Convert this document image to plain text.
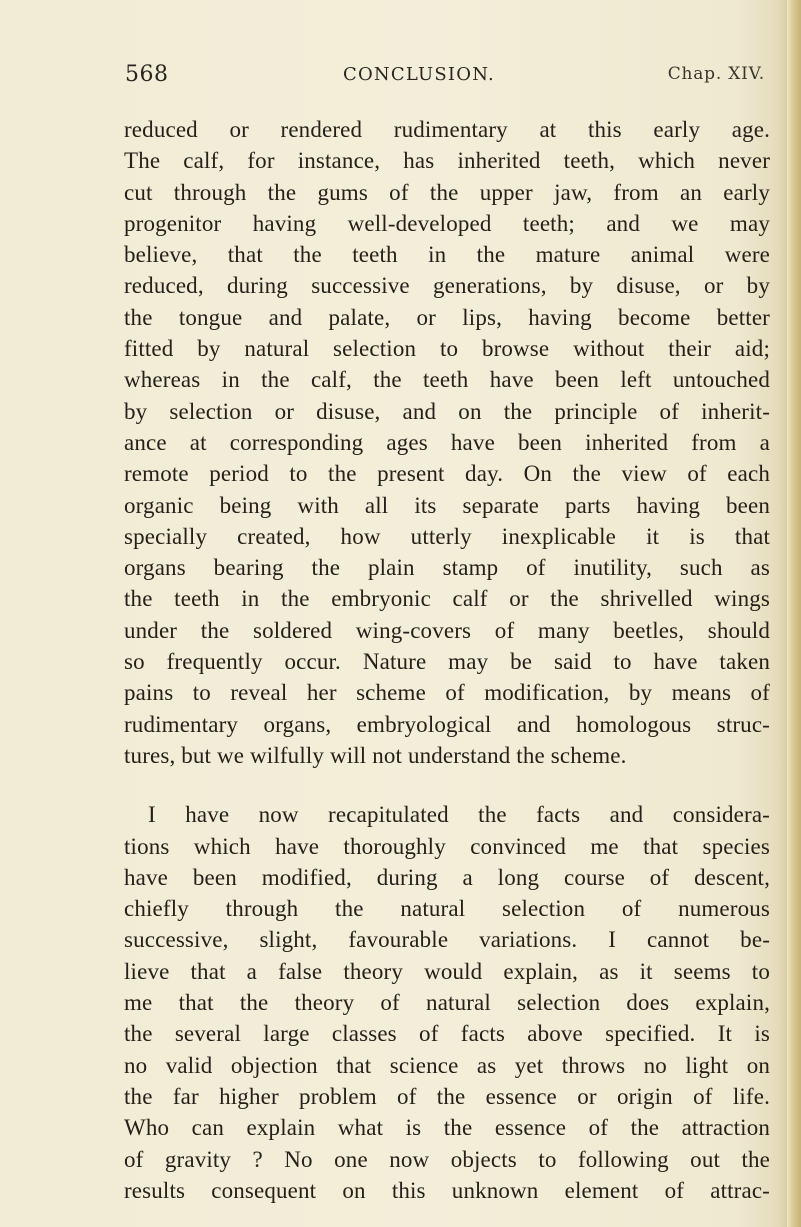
568	CONCLUSION.	Chap. XIV.
reduced or rendered rudimentary at this early age.
The calf, for instance, has inherited teeth, which never
cut through the gums of the upper jaw, from an early
progenitor having well-developed teeth; and we may
believe, that the teeth in the mature animal were
reduced, during successive generations, by disuse, or by
the tongue and palate, or lips, having become better
fitted by natural selection to browse without their aid;
whereas in the calf, the teeth have been left untouched
by selection or disuse, and on the principle of inherit-
ance at corresponding ages have been inherited from a
remote period to the present day. On the view of each
organic being with all its separate parts having been
specially created, how utterly inexplicable it is that
organs bearing the plain stamp of inutility, such as
the teeth in the embryonic calf or the shrivelled wings
under the soldered wing-covers of many beetles, should
so frequently occur. Nature may be said to have taken
pains to reveal her scheme of modification, by means of
rudimentary organs, embryological and homologous struc-
tures, but we wilfully will not understand the scheme.
I have now recapitulated the facts and considera-
tions which have thoroughly convinced me that species
have been modified, during a long course of descent,
chiefly through the natural selection of numerous
successive, slight, favourable variations. I cannot be-
lieve that a false theory would explain, as it seems to
me that the theory of natural selection does explain,
the several large classes of facts above specified. It is
no valid objection that science as yet throws no light on
the far higher problem of the essence or origin of life.
Who can explain what is the essence of the attraction
of gravity ? No one now objects to following out the
results consequent on this unknown element of attrac-
